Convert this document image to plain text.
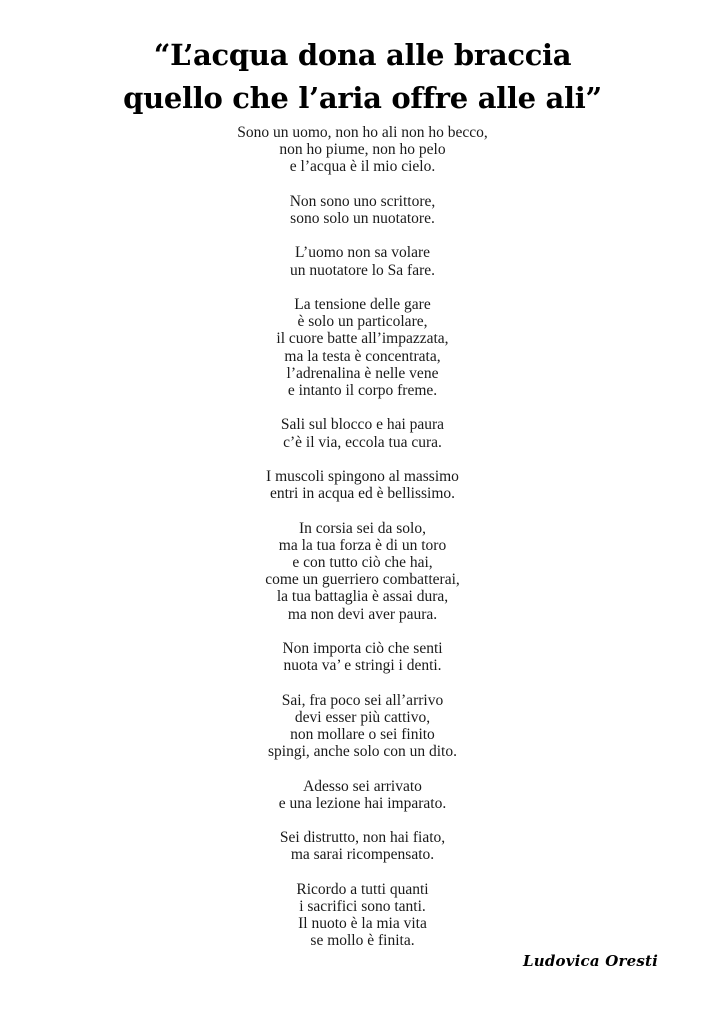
“L’acqua dona alle braccia
quello che l’aria offre alle ali”
Sono un uomo, non ho ali non ho becco,
non ho piume, non ho pelo
e l’acqua è il mio cielo.
Non sono uno scrittore,
sono solo un nuotatore.
L’uomo non sa volare
un nuotatore lo Sa fare.
La tensione delle gare
è solo un particolare,
il cuore batte all’impazzata,
ma la testa è concentrata,
l’adrenalina è nelle vene
e intanto il corpo freme.
Sali sul blocco e hai paura
c’è il via, eccola tua cura.
I muscoli spingono al massimo
entri in acqua ed è bellissimo.
In corsia sei da solo,
ma la tua forza è di un toro
e con tutto ciò che hai,
come un guerriero combatterai,
la tua battaglia è assai dura,
ma non devi aver paura.
Non importa ciò che senti
nuota va’ e stringi i denti.
Sai, fra poco sei all’arrivo
devi esser più cattivo,
non mollare o sei finito
spingi, anche solo con un dito.
Adesso sei arrivato
e una lezione hai imparato.
Sei distrutto, non hai fiato,
ma sarai ricompensato.
Ricordo a tutti quanti
i sacrifici sono tanti.
Il nuoto è la mia vita
se mollo è finita.
Ludovica Oresti
